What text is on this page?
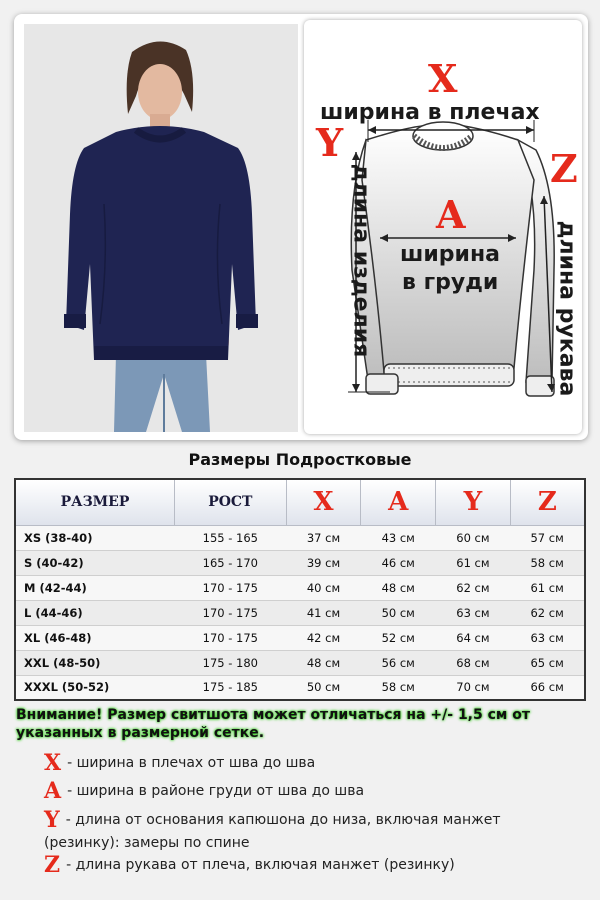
X
ширина в плечах
Y
длина изделия	Z
длина рукава
A
ширина
в груди
Размеры Подростковые
РАЗМЕР	РОСТ	X	A	Y	Z
XS (38-40)	155 - 165	37 см	43 см	60 см	57 см
S (40-42)	165 - 170	39 см	46 см	61 см	58 см
M (42-44)	170 - 175	40 см	48 см	62 см	61 см
L (44-46)	170 - 175	41 см	50 см	63 см	62 см
XL (46-48)	170 - 175	42 см	52 см	64 см	63 см
XXL (48-50)	175 - 180	48 см	56 см	68 см	65 см
XXXL (50-52)	175 - 185	50 см	58 см	70 см	66 см
Внимание! Размер свитшота может отличаться на +/- 1,5 см от указанных в размерной сетке.
X - ширина в плечах от шва до шва
A - ширина в районе груди от шва до шва
Y - длина от основания капюшона до низа, включая манжет (резинку): замеры по спине
Z - длина рукава от плеча, включая манжет (резинку)
